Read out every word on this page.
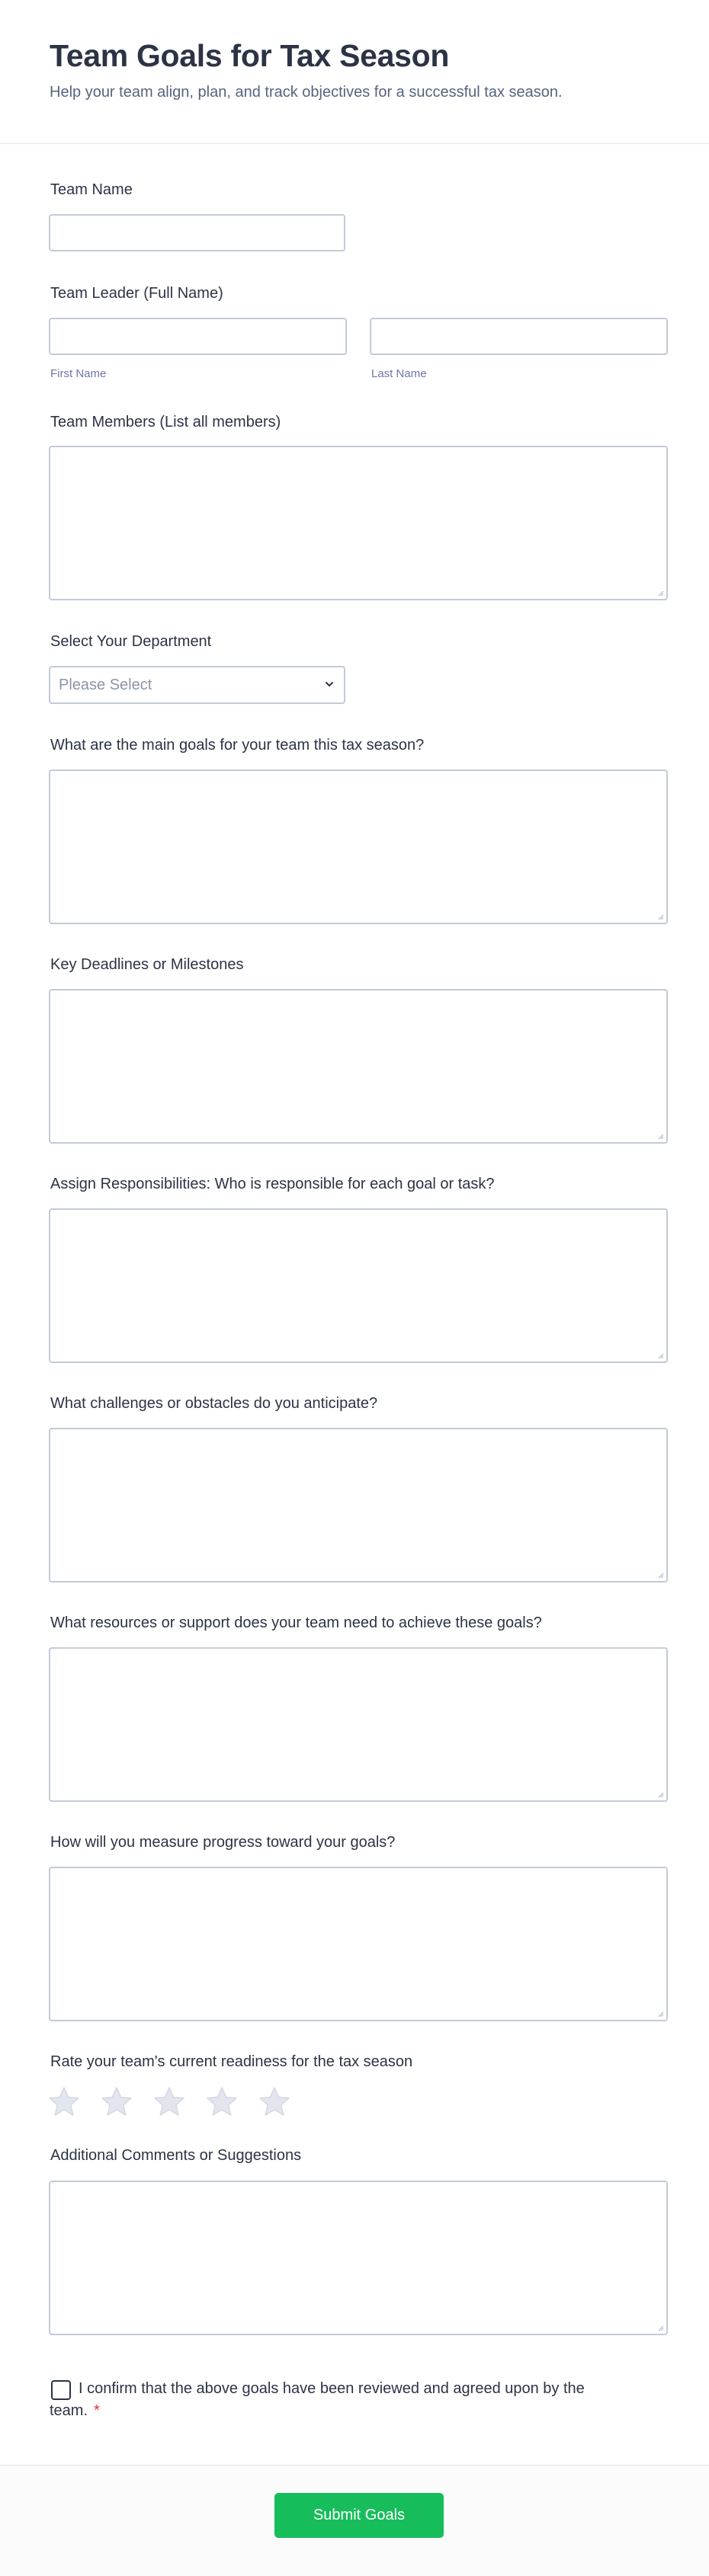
Team Goals for Tax Season

Help your team align, plan, and track objectives for a successful tax season.

Team Name
Team Leader (Full Name)
First Name	Last Name
Team Members (List all members)
Select Your Department
Please Select
What are the main goals for your team this tax season?
Key Deadlines or Milestones
Assign Responsibilities: Who is responsible for each goal or task?
What challenges or obstacles do you anticipate?
What resources or support does your team need to achieve these goals?
How will you measure progress toward your goals?
Rate your team's current readiness for the tax season
Additional Comments or Suggestions

I confirm that the above goals have been reviewed and agreed upon by the team. *

Submit Goals
